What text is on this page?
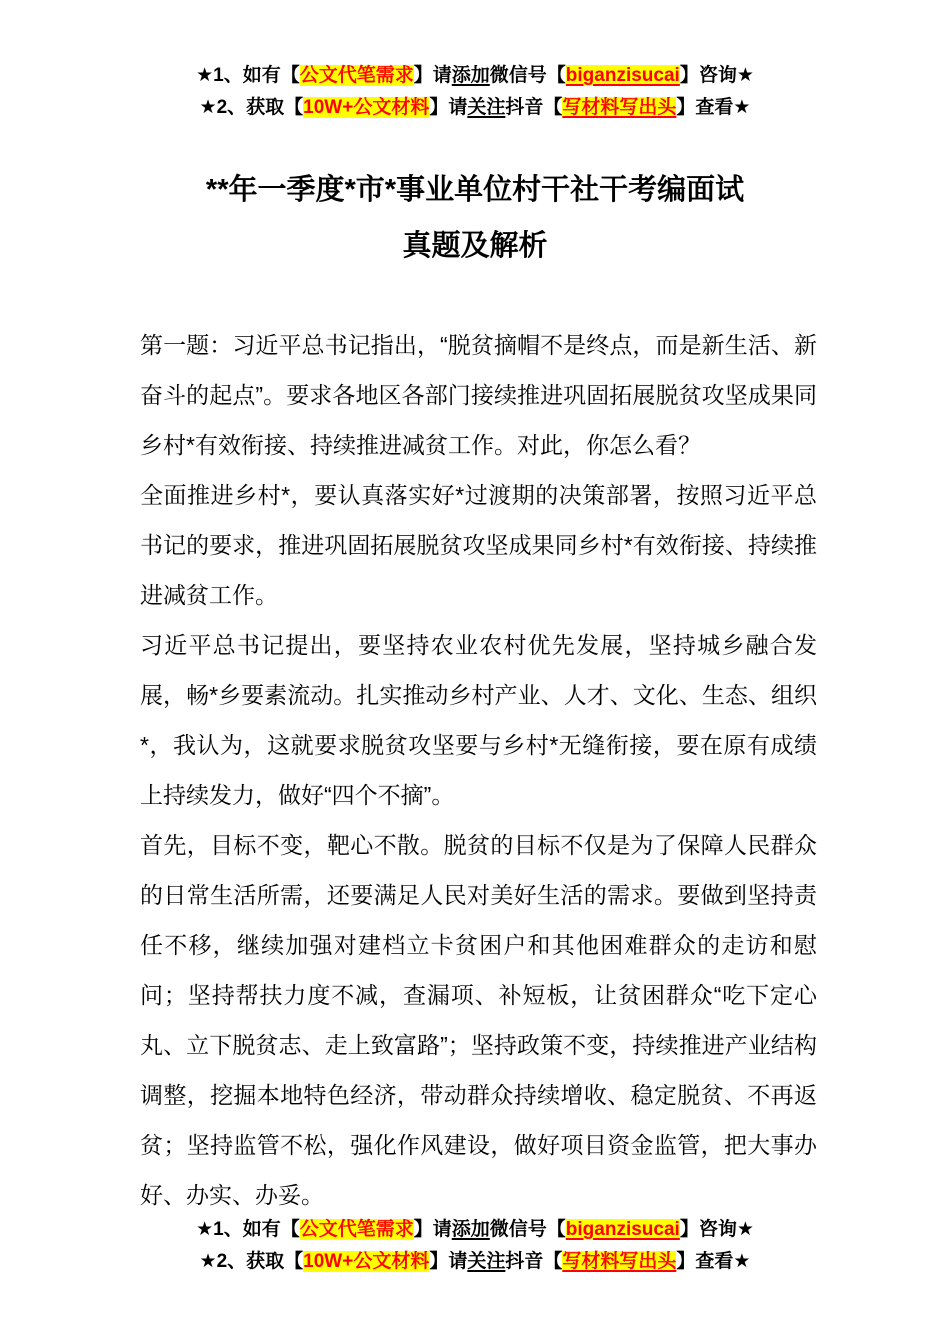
★1、如有【公文代笔需求】请添加微信号【biganzisucai】咨询★
★2、获取【10W+公文材料】请关注抖音【写材料写出头】查看★
**年一季度*市*事业单位村干社干考编面试
真题及解析

第一题：习近平总书记指出，“脱贫摘帽不是终点，而是新生活、新奋斗的起点”。要求各地区各部门接续推进巩固拓展脱贫攻坚成果同乡村*有效衔接、持续推进减贫工作。对此，你怎么看？

全面推进乡村*，要认真落实好*过渡期的决策部署，按照习近平总书记的要求，推进巩固拓展脱贫攻坚成果同乡村*有效衔接、持续推进减贫工作。

习近平总书记提出，要坚持农业农村优先发展，坚持城乡融合发展，畅*乡要素流动。扎实推动乡村产业、人才、文化、生态、组织*，我认为，这就要求脱贫攻坚要与乡村*无缝衔接，要在原有成绩上持续发力，做好“四个不摘”。

首先，目标不变，靶心不散。脱贫的目标不仅是为了保障人民群众的日常生活所需，还要满足人民对美好生活的需求。要做到坚持责任不移，继续加强对建档立卡贫困户和其他困难群众的走访和慰问；坚持帮扶力度不减，查漏项、补短板，让贫困群众“吃下定心丸、立下脱贫志、走上致富路”；坚持政策不变，持续推进产业结构调整，挖掘本地特色经济，带动群众持续增收、稳定脱贫、不再返贫；坚持监管不松，强化作风建设，做好项目资金监管，把大事办好、办实、办妥。

★1、如有【公文代笔需求】请添加微信号【biganzisucai】咨询★
★2、获取【10W+公文材料】请关注抖音【写材料写出头】查看★
